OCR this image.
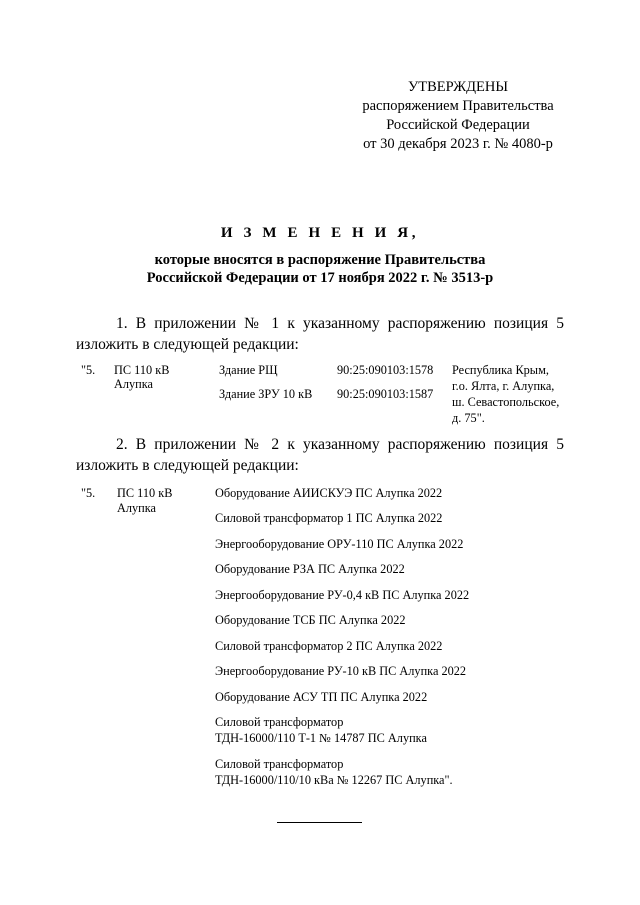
УТВЕРЖДЕНЫ
распоряжением Правительства
Российской Федерации
от 30 декабря 2023 г. № 4080-р
И З М Е Н Е Н И Я,
которые вносятся в распоряжение Правительства
Российской Федерации от 17 ноября 2022 г. № 3513-р
1. В приложении № 1 к указанному распоряжению позиция 5
изложить в следующей редакции:
"5. ПС 110 кВ
Алупка
Здание РЩ	90:25:090103:1578
Здание ЗРУ 10 кВ 90:25:090103:1587
Республика Крым,
г.о. Ялта, г. Алупка,
ш. Севастопольское,
д. 75".
2. В приложении № 2 к указанному распоряжению позиция 5
изложить в следующей редакции:
"5. ПС 110 кВ
Алупка
Оборудование АИИСКУЭ ПС Алупка 2022
Силовой трансформатор 1 ПС Алупка 2022
Энергооборудование ОРУ-110 ПС Алупка 2022
Оборудование РЗА ПС Алупка 2022
Энергооборудование РУ-0,4 кВ ПС Алупка 2022
Оборудование ТСБ ПС Алупка 2022
Силовой трансформатор 2 ПС Алупка 2022
Энергооборудование РУ-10 кВ ПС Алупка 2022
Оборудование АСУ ТП ПС Алупка 2022
Силовой трансформатор
ТДН-16000/110 Т-1 № 14787 ПС Алупка
Силовой трансформатор
ТДН-16000/110/10 кВа № 12267 ПС Алупка".
